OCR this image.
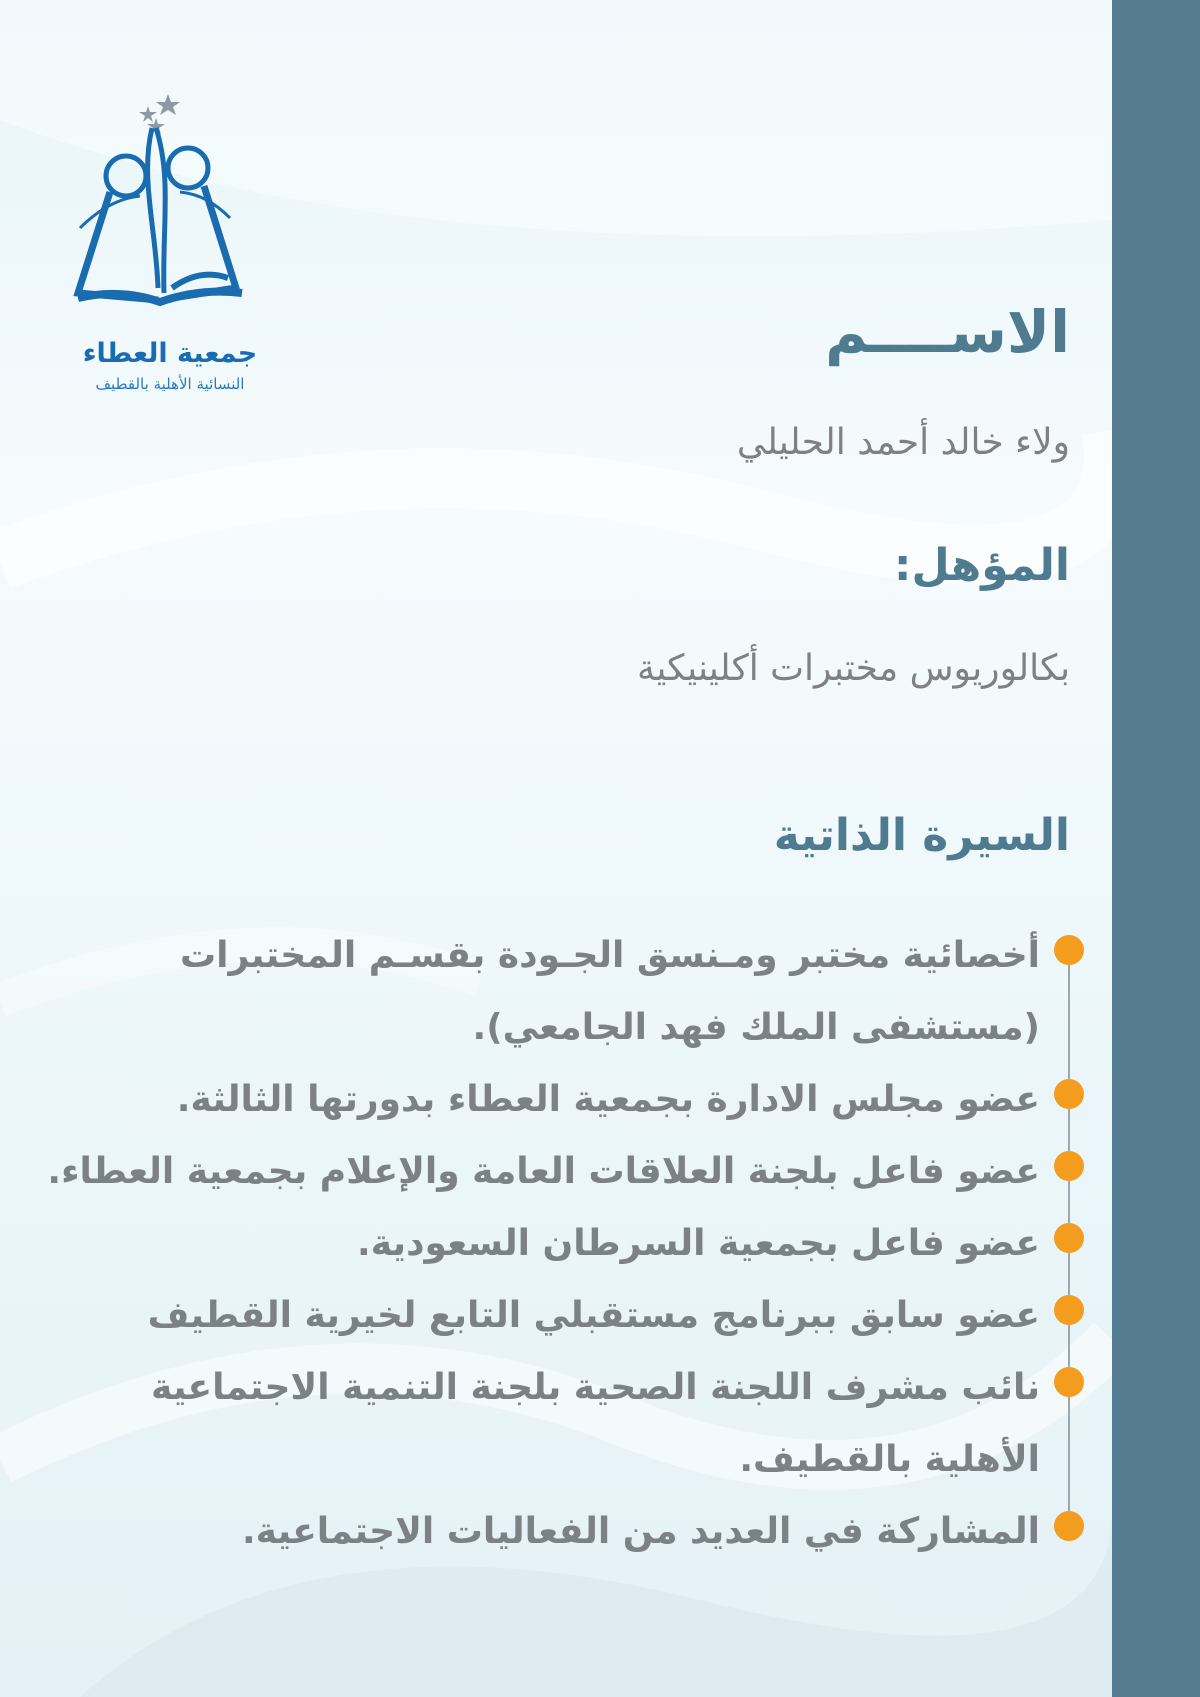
جمعية العطاء
النسائية الأهلية بالقطيف
الاســــم
ولاء خالد أحمد الحليلي
المؤهل:
بكالوريوس مختبرات أكلينيكية
السيرة الذاتية
أخصائية مختبر ومـنسق الجـودة بقسـم المختبرات (مستشفى الملك فهد الجامعي).
عضو مجلس الادارة بجمعية العطاء بدورتها الثالثة.
عضو فاعل بلجنة العلاقات العامة والإعلام بجمعية العطاء.
عضو فاعل بجمعية السرطان السعودية.
عضو سابق ببرنامج مستقبلي التابع لخيرية القطيف
نائب مشرف اللجنة الصحية بلجنة التنمية الاجتماعية الأهلية بالقطيف.
المشاركة في العديد من الفعاليات الاجتماعية.
